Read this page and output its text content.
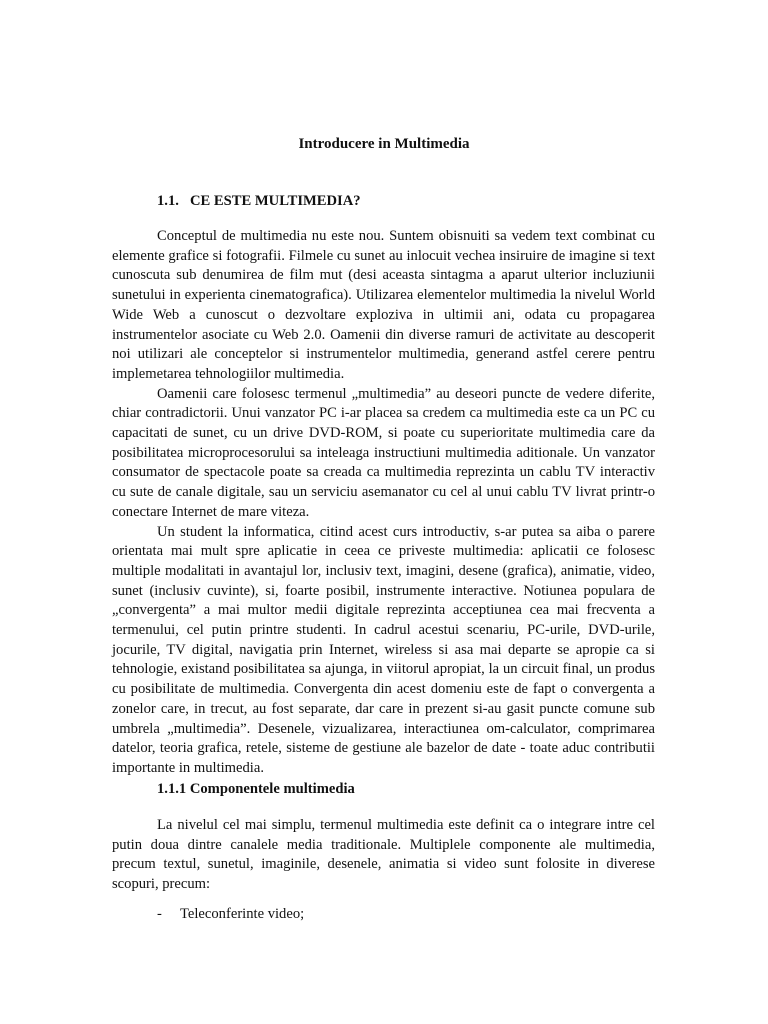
Introducere in Multimedia
1.1. CE ESTE MULTIMEDIA?

Conceptul de multimedia nu este nou. Suntem obisnuiti sa vedem text combinat cu elemente grafice si fotografii. Filmele cu sunet au inlocuit vechea insiruire de imagine si text cunoscuta sub denumirea de film mut (desi aceasta sintagma a aparut ulterior incluziunii sunetului in experienta cinematografica). Utilizarea elementelor multimedia la nivelul World Wide Web a cunoscut o dezvoltare exploziva in ultimii ani, odata cu propagarea instrumentelor asociate cu Web 2.0. Oamenii din diverse ramuri de activitate au descoperit noi utilizari ale conceptelor si instrumentelor multimedia, generand astfel cerere pentru implemetarea tehnologiilor multimedia.

Oamenii care folosesc termenul „multimedia” au deseori puncte de vedere diferite, chiar contradictorii. Unui vanzator PC i-ar placea sa credem ca multimedia este ca un PC cu capacitati de sunet, cu un drive DVD-ROM, si poate cu superioritate multimedia care da posibilitatea microprocesorului sa inteleaga instructiuni multimedia aditionale. Un vanzator consumator de spectacole poate sa creada ca multimedia reprezinta un cablu TV interactiv cu sute de canale digitale, sau un serviciu asemanator cu cel al unui cablu TV livrat printr-o conectare Internet de mare viteza.

Un student la informatica, citind acest curs introductiv, s-ar putea sa aiba o parere orientata mai mult spre aplicatie in ceea ce priveste multimedia: aplicatii ce folosesc multiple modalitati in avantajul lor, inclusiv text, imagini, desene (grafica), animatie, video, sunet (inclusiv cuvinte), si, foarte posibil, instrumente interactive. Notiunea populara de „convergenta” a mai multor medii digitale reprezinta acceptiunea cea mai frecventa a termenului, cel putin printre studenti. In cadrul acestui scenariu, PC-urile, DVD-urile, jocurile, TV digital, navigatia prin Internet, wireless si asa mai departe se apropie ca si tehnologie, existand posibilitatea sa ajunga, in viitorul apropiat, la un circuit final, un produs cu posibilitate de multimedia. Convergenta din acest domeniu este de fapt o convergenta a zonelor care, in trecut, au fost separate, dar care in prezent si-au gasit puncte comune sub umbrela „multimedia”. Desenele, vizualizarea, interactiunea om-calculator, comprimarea datelor, teoria grafica, retele, sisteme de gestiune ale bazelor de date - toate aduc contributii importante in multimedia.

1.1.1 Componentele multimedia

La nivelul cel mai simplu, termenul multimedia este definit ca o integrare intre cel putin doua dintre canalele media traditionale. Multiplele componente ale multimedia, precum textul, sunetul, imaginile, desenele, animatia si video sunt folosite in diverese scopuri, precum:

- Teleconferinte video;
